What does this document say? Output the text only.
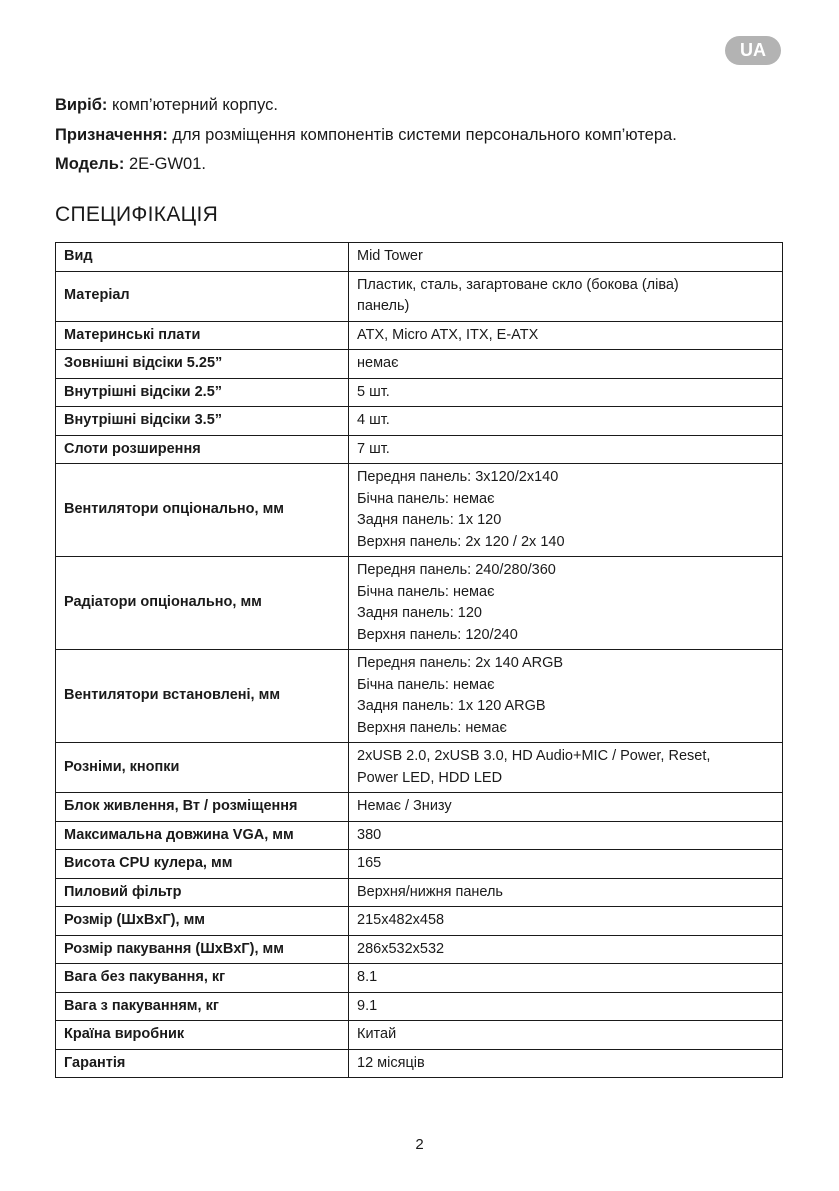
UA
Виріб: комп’ютерний корпус.
Призначення: для розміщення компонентів системи персонального комп’ютера.
Модель: 2E-GW01.
СПЕЦИФІКАЦІЯ
Вид	Mid Tower
Матеріал	Пластик, сталь, загартоване скло (бокова (ліва)
панель)
Материнські плати	ATX, Micro ATX, ITX, E-ATX
Зовнішні відсіки 5.25”	немає
Внутрішні відсіки 2.5”	5 шт.
Внутрішні відсіки 3.5”	4 шт.
Слоти розширення	7 шт.
Вентилятори опціонально, мм	Передня панель: 3x120/2x140
Бічна панель: немає
Задня панель: 1x 120
Верхня панель: 2x 120 / 2x 140
Радіатори опціонально, мм	Передня панель: 240/280/360
Бічна панель: немає
Задня панель: 120
Верхня панель: 120/240
Вентилятори встановлені, мм	Передня панель: 2x 140 ARGB
Бічна панель: немає
Задня панель: 1x 120 ARGB
Верхня панель: немає
Розніми, кнопки	2xUSB 2.0, 2xUSB 3.0, HD Audio+MIC / Power, Reset,
Power LED, HDD LED
Блок живлення, Вт / розміщення	Немає / Знизу
Максимальна довжина VGA, мм	380
Висота CPU кулера, мм	165
Пиловий фільтр	Верхня/нижня панель
Розмір (ШxВxГ), мм	215x482x458
Розмір пакування (ШxВxГ), мм	286x532x532
Вага без пакування, кг	8.1
Вага з пакуванням, кг	9.1
Країна виробник	Китай
Гарантія	12 місяців
2
